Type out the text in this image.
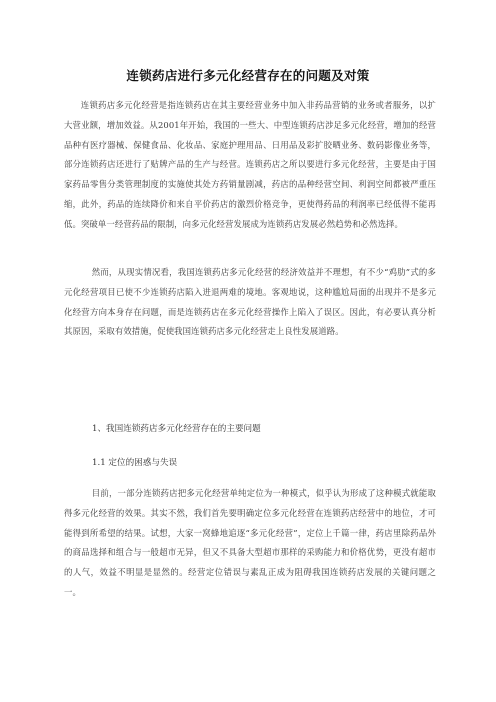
连锁药店进行多元化经营存在的问题及对策
连锁药店多元化经营是指连锁药店在其主要经营业务中加入非药品营销的业务或者服务，以扩大营业额，增加效益。从2001年开始，我国的一些大、中型连锁药店涉足多元化经营，增加的经营品种有医疗器械、保健食品、化妆品、家庭护理用品、日用品及彩扩胶晒业务、数码影像业务等，部分连锁药店还进行了贴牌产品的生产与经营。连锁药店之所以要进行多元化经营，主要是由于国家药品零售分类管理制度的实施使其处方药销量剧减，药店的品种经营空间、利润空间都被严重压缩，此外，药品的连续降价和来自平价药店的激烈价格竞争，更使得药品的利润率已经低得不能再低。突破单一经营药品的限制，向多元化经营发展成为连锁药店发展必然趋势和必然选择。
然而，从现实情况看，我国连锁药店多元化经营的经济效益并不理想，有不少“鸡肋”式的多元化经营项目已使不少连锁药店陷入进退两难的境地。客观地说，这种尴尬局面的出现并不是多元化经营方向本身存在问题，而是连锁药店在多元化经营操作上陷入了误区。因此，有必要认真分析其原因，采取有效措施，促使我国连锁药店多元化经营走上良性发展道路。
1、我国连锁药店多元化经营存在的主要问题
1.1 定位的困惑与失误
目前，一部分连锁药店把多元化经营单纯定位为一种模式，似乎认为形成了这种模式就能取得多元化经营的效果。其实不然，我们首先要明确定位多元化经营在连锁药店经营中的地位，才可能得到所希望的结果。试想，大家一窝蜂地追逐“多元化经营”，定位上千篇一律，药店里除药品外的商品选择和组合与一般超市无异，但又不具备大型超市那样的采购能力和价格优势，更没有超市的人气，效益不明显是显然的。经营定位错误与素乱正成为阻碍我国连锁药店发展的关键问题之一。
